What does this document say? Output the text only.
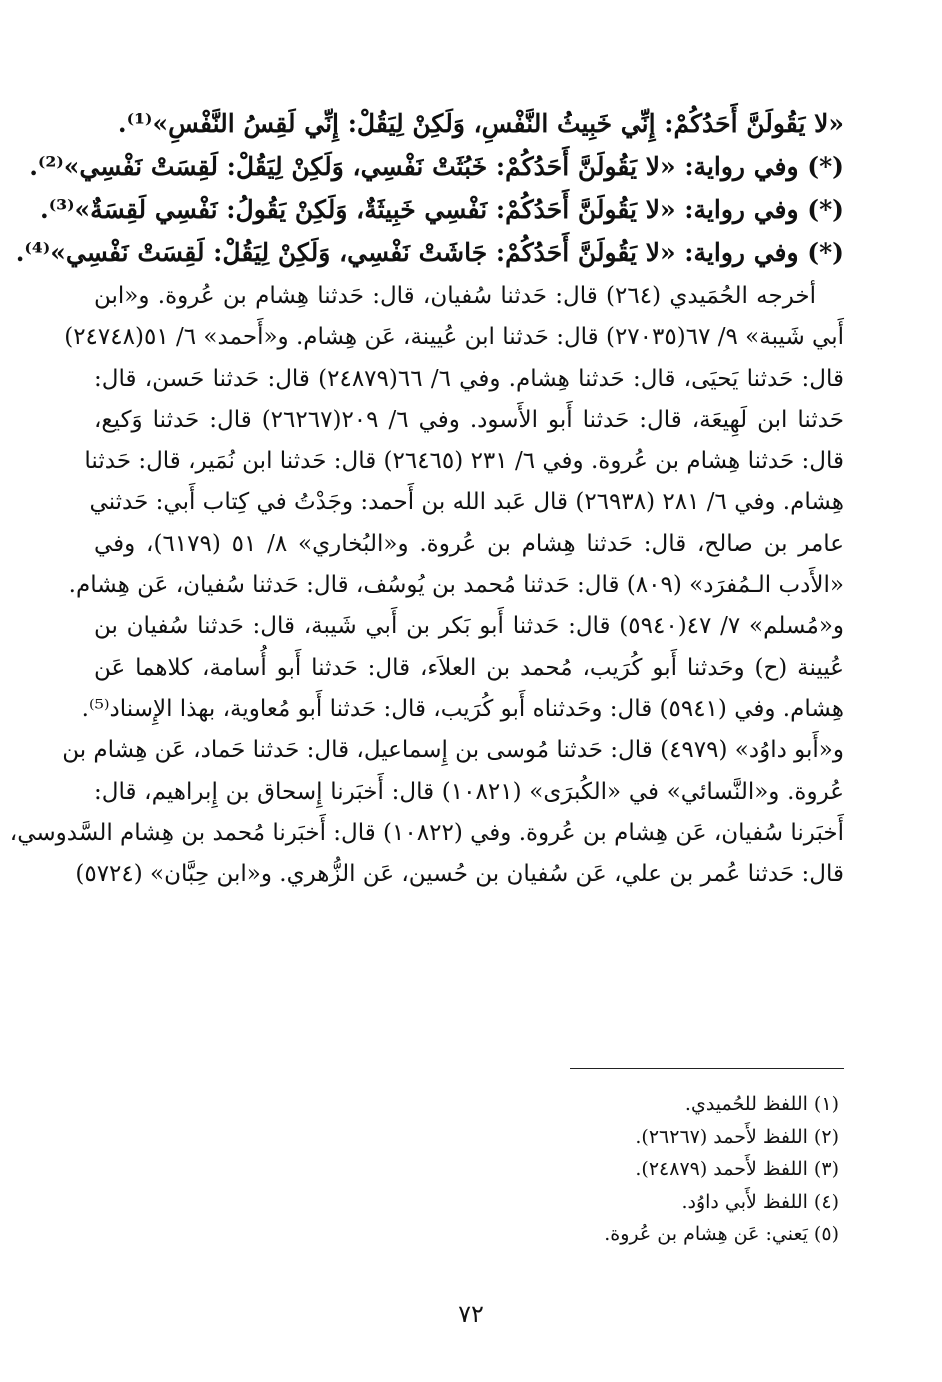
«لا يَقُولَنَّ أَحَدُكُمْ: إِنِّي خَبِيثُ النَّفْسِ، وَلَكِنْ لِيَقُلْ: إِنِّي لَقِسُ النَّفْسِ»⁽¹⁾.
(*) وفي رواية: «لا يَقُولَنَّ أَحَدُكُمْ: خَبُثَتْ نَفْسِي، وَلَكِنْ لِيَقُلْ: لَقِسَتْ نَفْسِي»⁽²⁾.
(*) وفي رواية: «لا يَقُولَنَّ أَحَدُكُمْ: نَفْسِي خَبِيثَةٌ، وَلَكِنْ يَقُولُ: نَفْسِي لَقِسَةٌ»⁽³⁾.
(*) وفي رواية: «لا يَقُولَنَّ أَحَدُكُمْ: جَاشَتْ نَفْسِي، وَلَكِنْ لِيَقُلْ: لَقِسَتْ نَفْسِي»⁽⁴⁾.
أخرجه الحُمَيدي (٢٦٤) قال: حَدثنا سُفيان، قال: حَدثنا هِشام بن عُروة. و«ابن
أَبي شَيبة» ٩/ ٦٧(٢٧٠٣٥) قال: حَدثنا ابن عُيينة، عَن هِشام. و«أَحمد» ٦/ ٥١(٢٤٧٤٨)
قال: حَدثنا يَحيَى، قال: حَدثنا هِشام. وفي ٦/ ٦٦(٢٤٨٧٩) قال: حَدثنا حَسن، قال:
حَدثنا ابن لَهِيعَة، قال: حَدثنا أَبو الأَسود. وفي ٦/ ٢٠٩(٢٦٢٦٧) قال: حَدثنا وَكيع،
قال: حَدثنا هِشام بن عُروة. وفي ٦/ ٢٣١ (٢٦٤٦٥) قال: حَدثنا ابن نُمَير، قال: حَدثنا
هِشام. وفي ٦/ ٢٨١ (٢٦٩٣٨) قال عَبد الله بن أَحمد: وجَدْتُ في كِتاب أَبي: حَدثني
عامر بن صالح، قال: حَدثنا هِشام بن عُروة. و«البُخاري» ٨/ ٥١ (٦١٧٩)، وفي
«الأَدب الـمُفرَد» (٨٠٩) قال: حَدثنا مُحمد بن يُوسُف، قال: حَدثنا سُفيان، عَن هِشام.
و«مُسلم» ٧/ ٤٧(٥٩٤٠) قال: حَدثنا أَبو بَكر بن أَبي شَيبة، قال: حَدثنا سُفيان بن
عُيينة (ح) وحَدثنا أَبو كُرَيب، مُحمد بن العلاَء، قال: حَدثنا أَبو أُسامة، كلاهما عَن
هِشام. وفي (٥٩٤١) قال: وحَدثناه أَبو كُرَيب، قال: حَدثنا أَبو مُعاوية، بهذا الإِسناد⁽⁵⁾.
و«أَبو داوُد» (٤٩٧٩) قال: حَدثنا مُوسى بن إِسماعيل، قال: حَدثنا حَماد، عَن هِشام بن
عُروة. و«النَّسائي» في «الكُبرَى» (١٠٨٢١) قال: أَخبَرنا إِسحاق بن إِبراهيم، قال:
أَخبَرنا سُفيان، عَن هِشام بن عُروة. وفي (١٠٨٢٢) قال: أَخبَرنا مُحمد بن هِشام السَّدوسي،
قال: حَدثنا عُمر بن علي، عَن سُفيان بن حُسين، عَن الزُّهري. و«ابن حِبَّان» (٥٧٢٤)
(١) اللفظ للحُميدي.
(٢) اللفظ لأَحمد (٢٦٢٦٧).
(٣) اللفظ لأَحمد (٢٤٨٧٩).
(٤) اللفظ لأَبي داوُد.
(٥) يَعني: عَن هِشام بن عُروة.
٧٢
